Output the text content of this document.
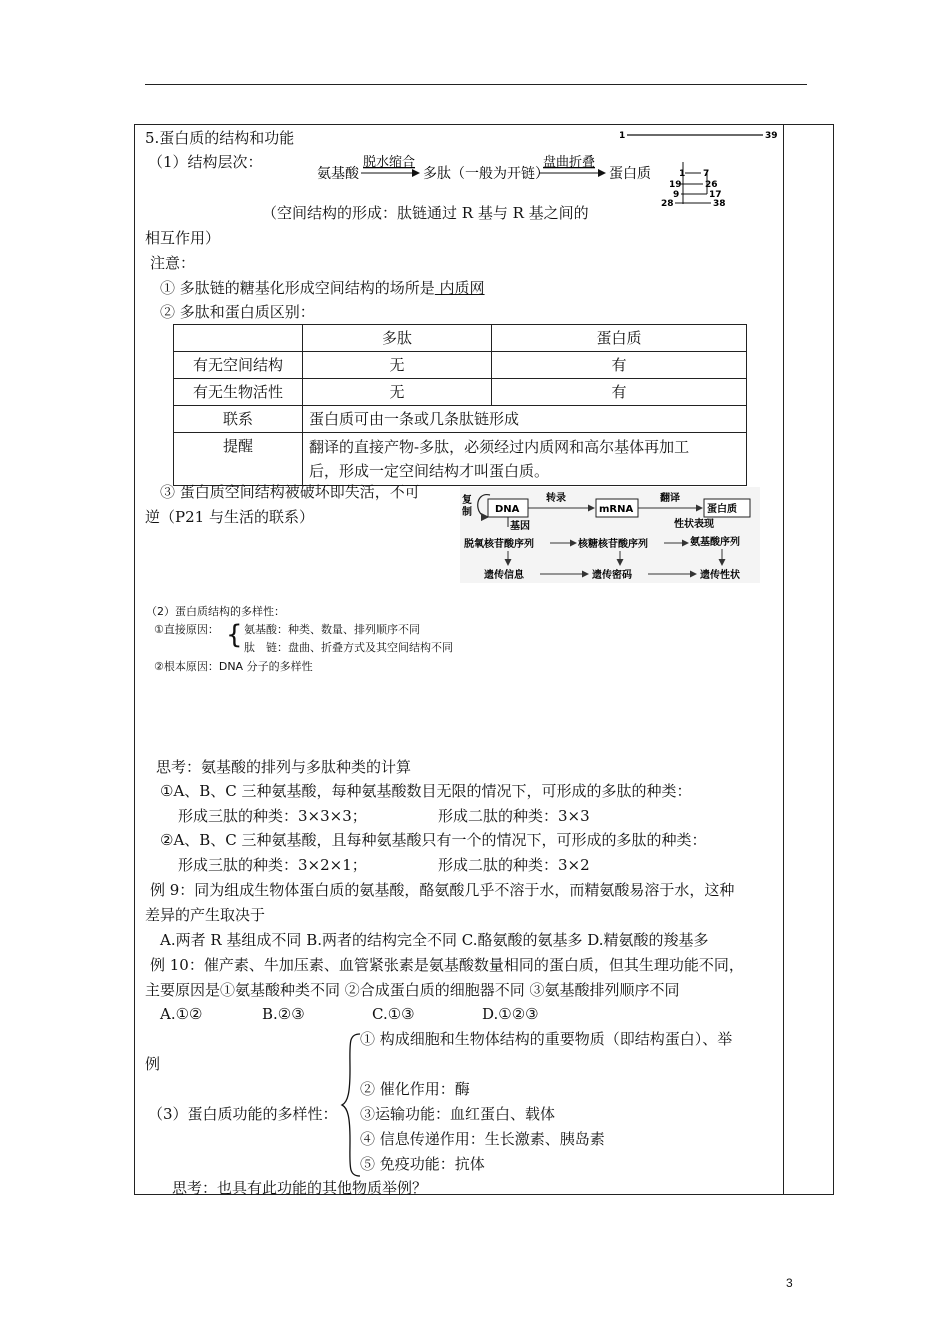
5.蛋白质的结构和功能
（1）结构层次：
氨基酸
脱水缩合
多肽（一般为开链）
盘曲折叠
蛋白质
1	39
1 7
19	26
9	17
28	38
（空间结构的形成：肽链通过 R 基与 R 基之间的
相互作用）
注意：
① 多肽链的糖基化形成空间结构的场所是 内质网
② 多肽和蛋白质区别：
	多肽	蛋白质
有无空间结构	无	有
有无生物活性	无	有
联系	蛋白质可由一条或几条肽链形成	
提醒	翻译的直接产物-多肽，必须经过内质网和高尔基体再加工
后，形成一定空间结构才叫蛋白质。	
③ 蛋白质空间结构被破坏即失活，不可
逆（P21 与生活的联系）
复
制 DNA
转录
mRNA
翻译
蛋白质
基因	性状表现
脱氧核苷酸序列	核糖核苷酸序列	氨基酸序列
遗传信息	遗传密码	遗传性状
（2）蛋白质结构的多样性：
①直接原因： { 氨基酸：种类、数量、排列顺序不同
肽　链：盘曲、折叠方式及其空间结构不同
②根本原因：DNA 分子的多样性
思考：氨基酸的排列与多肽种类的计算
①A、B、C 三种氨基酸，每种氨基酸数目无限的情况下，可形成的多肽的种类：
形成三肽的种类：3×3×3；	形成二肽的种类：3×3
②A、B、C 三种氨基酸，且每种氨基酸只有一个的情况下，可形成的多肽的种类：
形成三肽的种类：3×2×1；	形成二肽的种类：3×2
例 9：同为组成生物体蛋白质的氨基酸，酪氨酸几乎不溶于水，而精氨酸易溶于水，这种
差异的产生取决于
A.两者 R 基组成不同 B.两者的结构完全不同 C.酪氨酸的氨基多 D.精氨酸的羧基多
例 10：催产素、牛加压素、血管紧张素是氨基酸数量相同的蛋白质，但其生理功能不同，
主要原因是①氨基酸种类不同 ②合成蛋白质的细胞器不同 ③氨基酸排列顺序不同
A.①②	B.②③	C.①③	D.①②③
① 构成细胞和生物体结构的重要物质（即结构蛋白）、举
例
② 催化作用：酶
（3）蛋白质功能的多样性： ③运输功能：血红蛋白、载体
④ 信息传递作用：生长激素、胰岛素
⑤ 免疫功能：抗体
思考：也具有此功能的其他物质举例？
3
